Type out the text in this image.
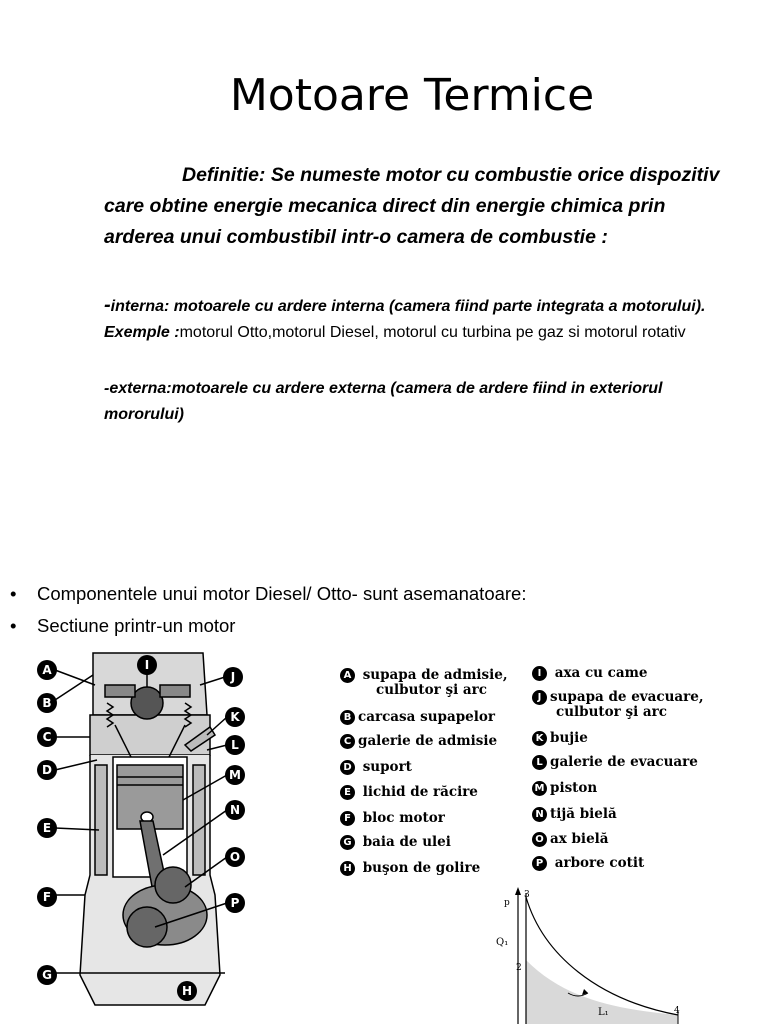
Motoare Termice
Definitie: Se numeste motor cu combustie orice dispozitiv care obtine energie mecanica direct din energie chimica prin arderea unui combustibil intr-o camera de combustie :
-interna: motoarele cu ardere interna (camera fiind parte integrata a motorului). Exemple :motorul Otto,motorul Diesel, motorul cu turbina pe gaz si motorul rotativ
-externa:motoarele cu ardere externa (camera de ardere fiind in exteriorul mororului)
• Componentele unui motor Diesel/ Otto- sunt asemanatoare:
• Sectiune printr-un motor
A
B
C
D
E
F
G
H
I
J
K
L
M
N
O
P
A supapa de admisie,
culbutor şi arc
B carcasa supapelor
C galerie de admisie
D suport
E lichid de răcire
F bloc motor
G baia de ulei
H buşon de golire
I axa cu came
J supapa de evacuare,
culbutor şi arc
K bujie
L galerie de evacuare
M piston
N tijă bielă
O ax bielă
P arbore cotit
p
Q₁
2
3
4
L₁
